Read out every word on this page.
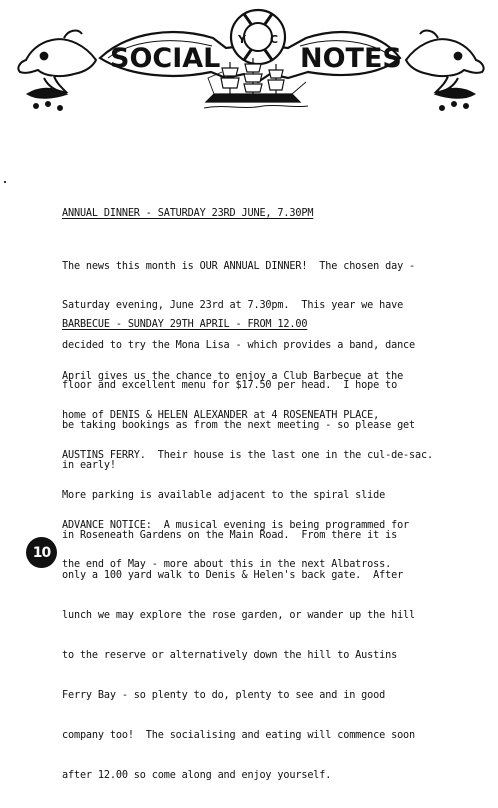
SOCIAL	NOTES
Y C
ANNUAL DINNER - SATURDAY 23RD JUNE, 7.30PM

The news this month is OUR ANNUAL DINNER!  The chosen day -

Saturday evening, June 23rd at 7.30pm.  This year we have

decided to try the Mona Lisa - which provides a band, dance

floor and excellent menu for $17.50 per head.  I hope to

be taking bookings as from the next meeting - so please get

in early!

BARBECUE - SUNDAY 29TH APRIL - FROM 12.00

April gives us the chance to enjoy a Club Barbecue at the

home of DENIS & HELEN ALEXANDER at 4 ROSENEATH PLACE,

AUSTINS FERRY.  Their house is the last one in the cul-de-sac.

More parking is available adjacent to the spiral slide

in Roseneath Gardens on the Main Road.  From there it is

only a 100 yard walk to Denis & Helen's back gate.  After

lunch we may explore the rose garden, or wander up the hill

to the reserve or alternatively down the hill to Austins

Ferry Bay - so plenty to do, plenty to see and in good

company too!  The socialising and eating will commence soon

after 12.00 so come along and enjoy yourself.

ADVANCE NOTICE:  A musical evening is being programmed for

the end of May - more about this in the next Albatross.

10
